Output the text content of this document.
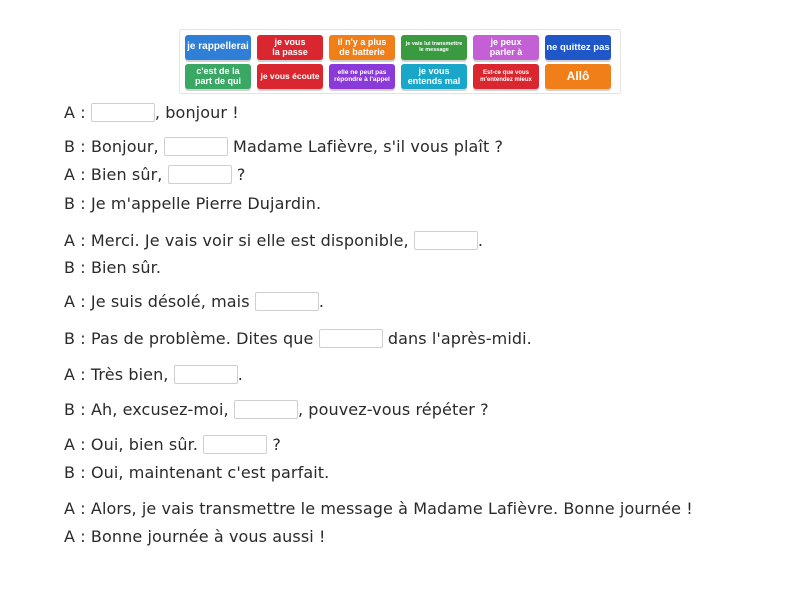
je rappellerai	je vous
la passe
il n'y a plus
de batterie
je vais lui transmettre
le message
je peux
parler à	ne quittez pas
c'est de la
part de qui	je vous écoute	elle ne peut pas
répondre à l'appel
je vous
entends mal
Est-ce que vous
m'entendez mieux	Allô
A :	, bonjour !
B : Bonjour,	Madame Lafièvre, s'il vous plaît ?
A : Bien sûr,	?
B : Je m'appelle Pierre Dujardin.
A : Merci. Je vais voir si elle est disponible,	.
B : Bien sûr.
A : Je suis désolé, mais	.
B : Pas de problème. Dites que	dans l'après-midi.
A : Très bien,	.
B : Ah, excusez-moi,	, pouvez-vous répéter ?
A : Oui, bien sûr.	?
B : Oui, maintenant c'est parfait.
A : Alors, je vais transmettre le message à Madame Lafièvre. Bonne journée !
A : Bonne journée à vous aussi !
